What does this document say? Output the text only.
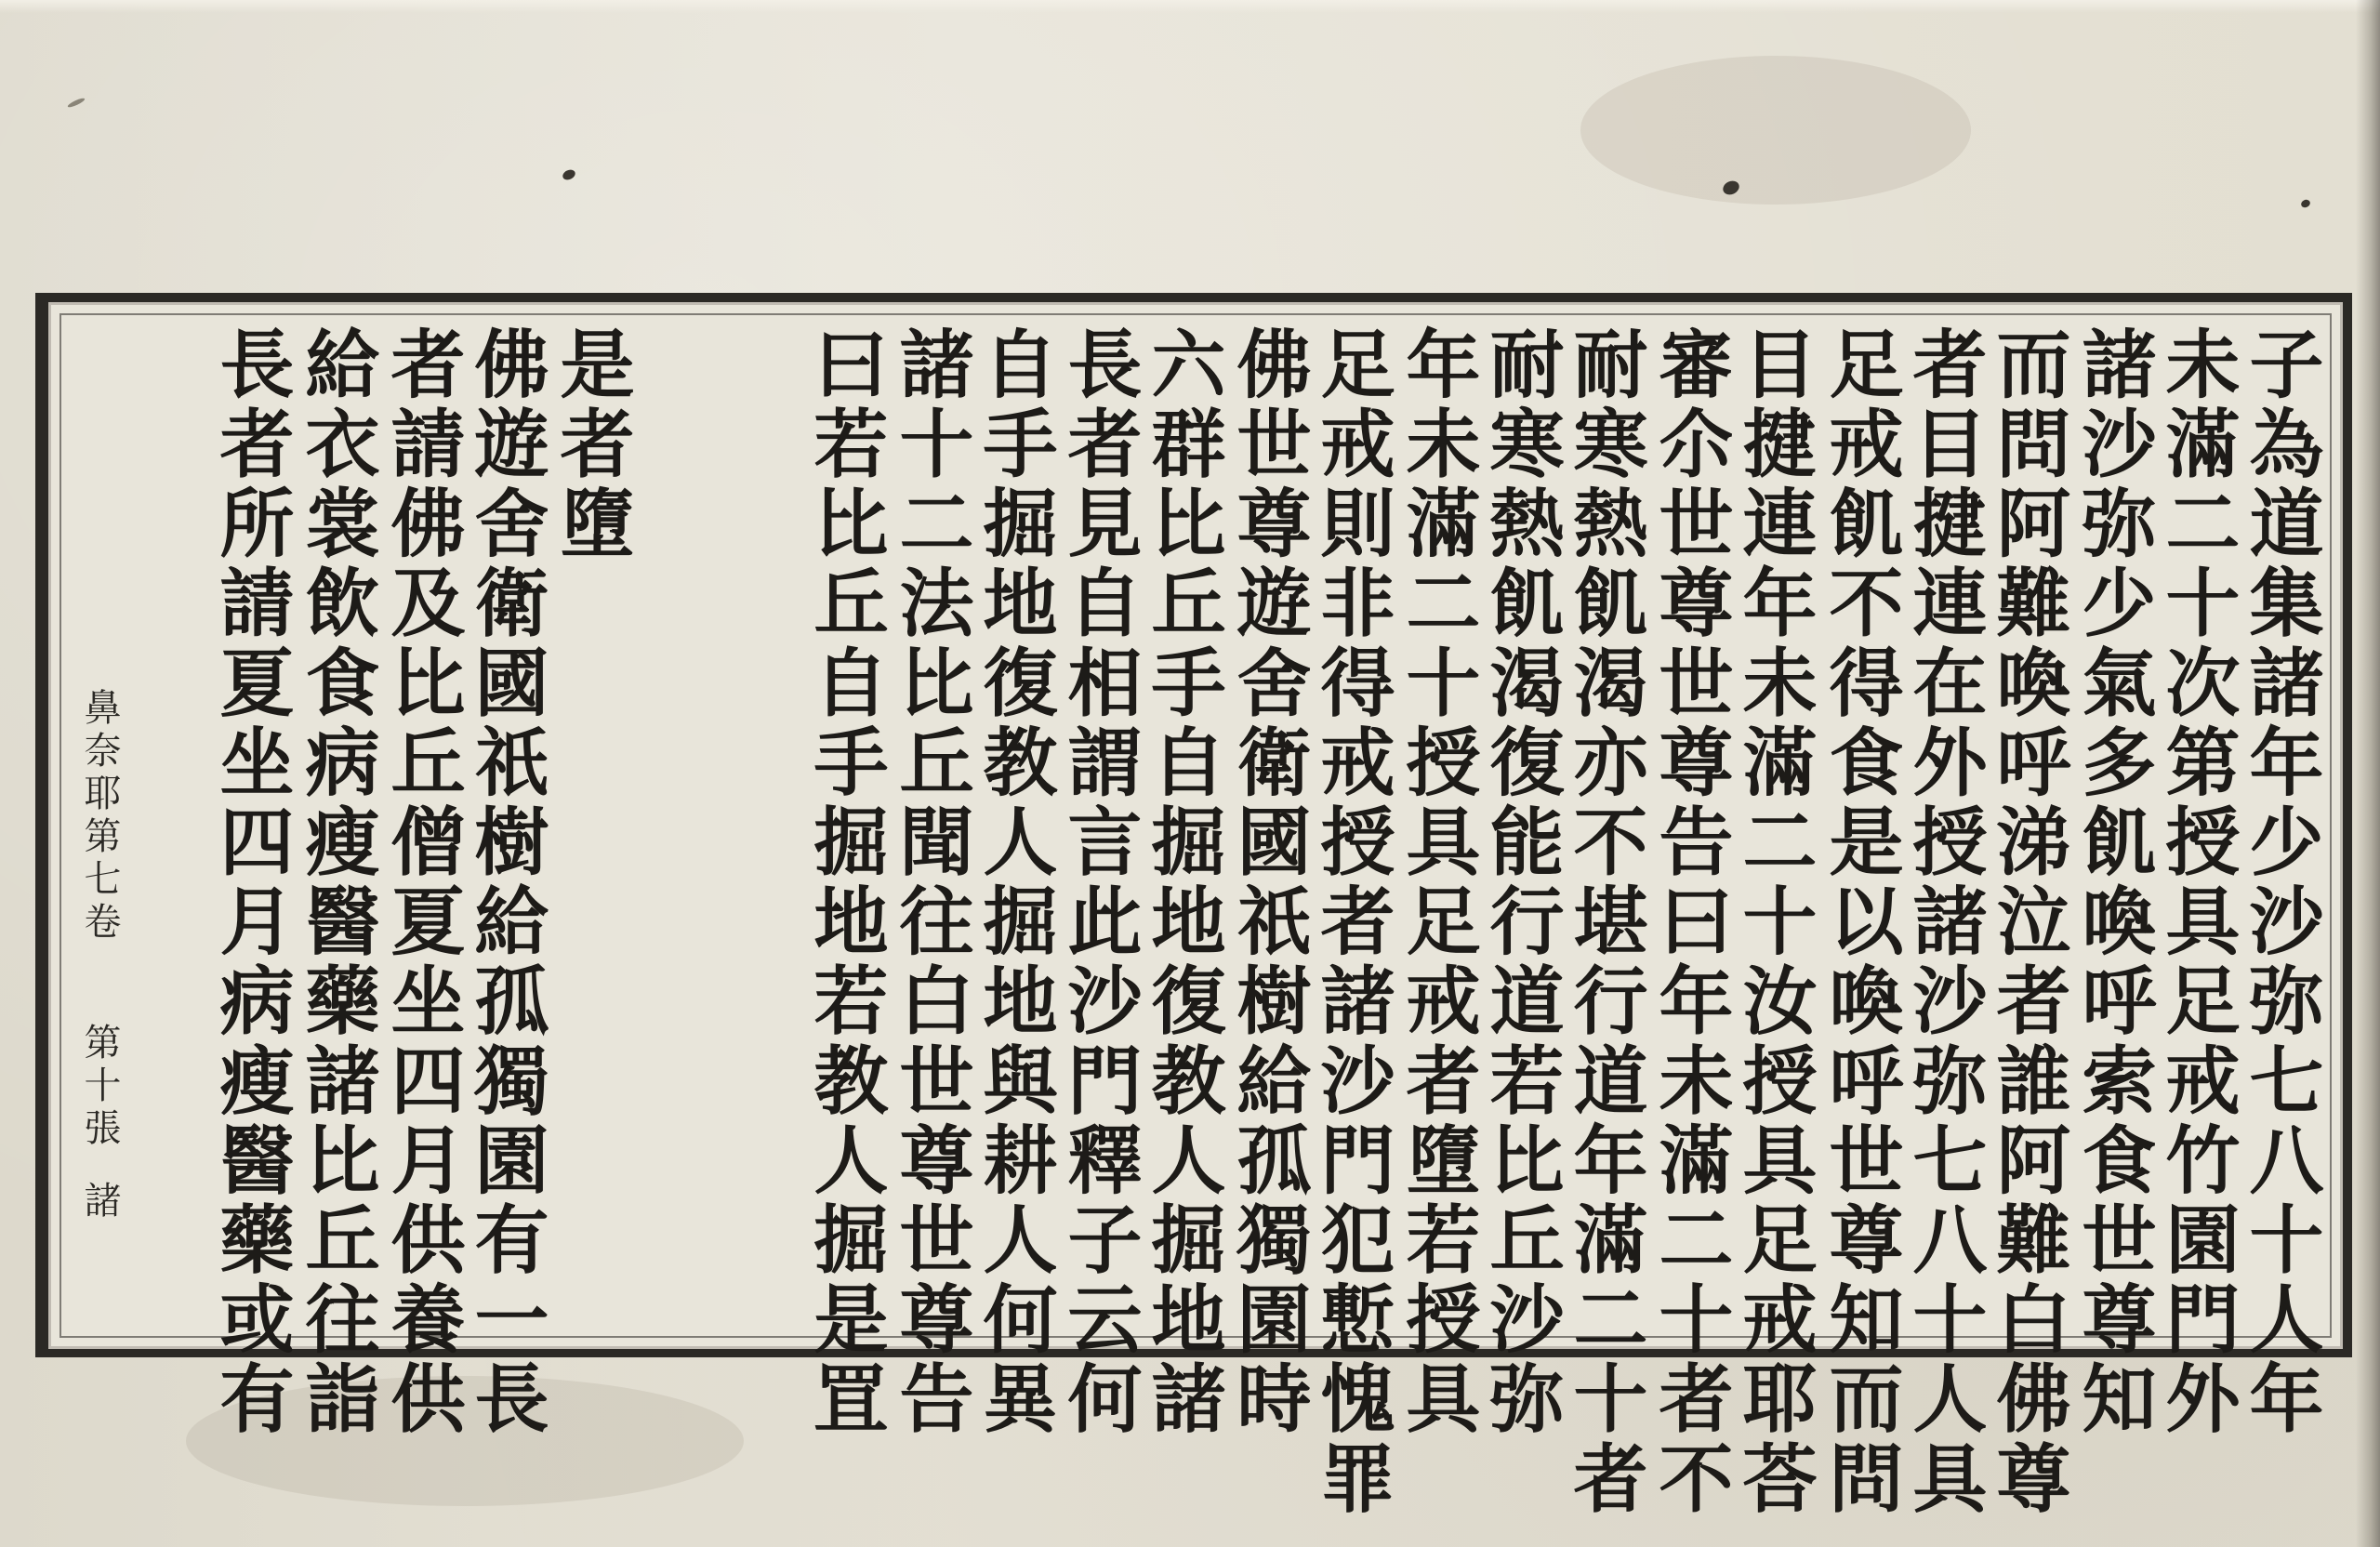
子為道集諸年少沙弥七八十人年
未滿二十次第授具足戒竹園門外
諸沙弥少氣多飢喚呼索食世尊知
而問阿難喚呼涕泣者誰阿難白佛尊
者目揵連在外授諸沙弥七八十人具
足戒飢不得食是以喚呼世尊知而問
目揵連年未滿二十汝授具足戒耶荅
審尒世尊世尊告曰年未滿二十者不
耐寒熱飢渴亦不堪行道年滿二十者
耐寒熱飢渴復能行道若比丘沙弥
年未滿二十授具足戒者墮若授具
足戒則非得戒授者諸沙門犯慙愧罪
佛世尊遊舍衛國祇樹給孤獨園時
六群比丘手自掘地復教人掘地諸
長者見自相謂言此沙門釋子云何
自手掘地復教人掘地與耕人何異
諸十二法比丘聞往白世尊世尊告
曰若比丘自手掘地若教人掘是罝
是者墮
佛遊舍衛國祇樹給孤獨園有一長
者請佛及比丘僧夏坐四月供養供
給衣裳飲食病瘦醫藥諸比丘往詣
長者所請夏坐四月病瘦醫藥或有
鼻奈耶第七卷
第十張
諸
